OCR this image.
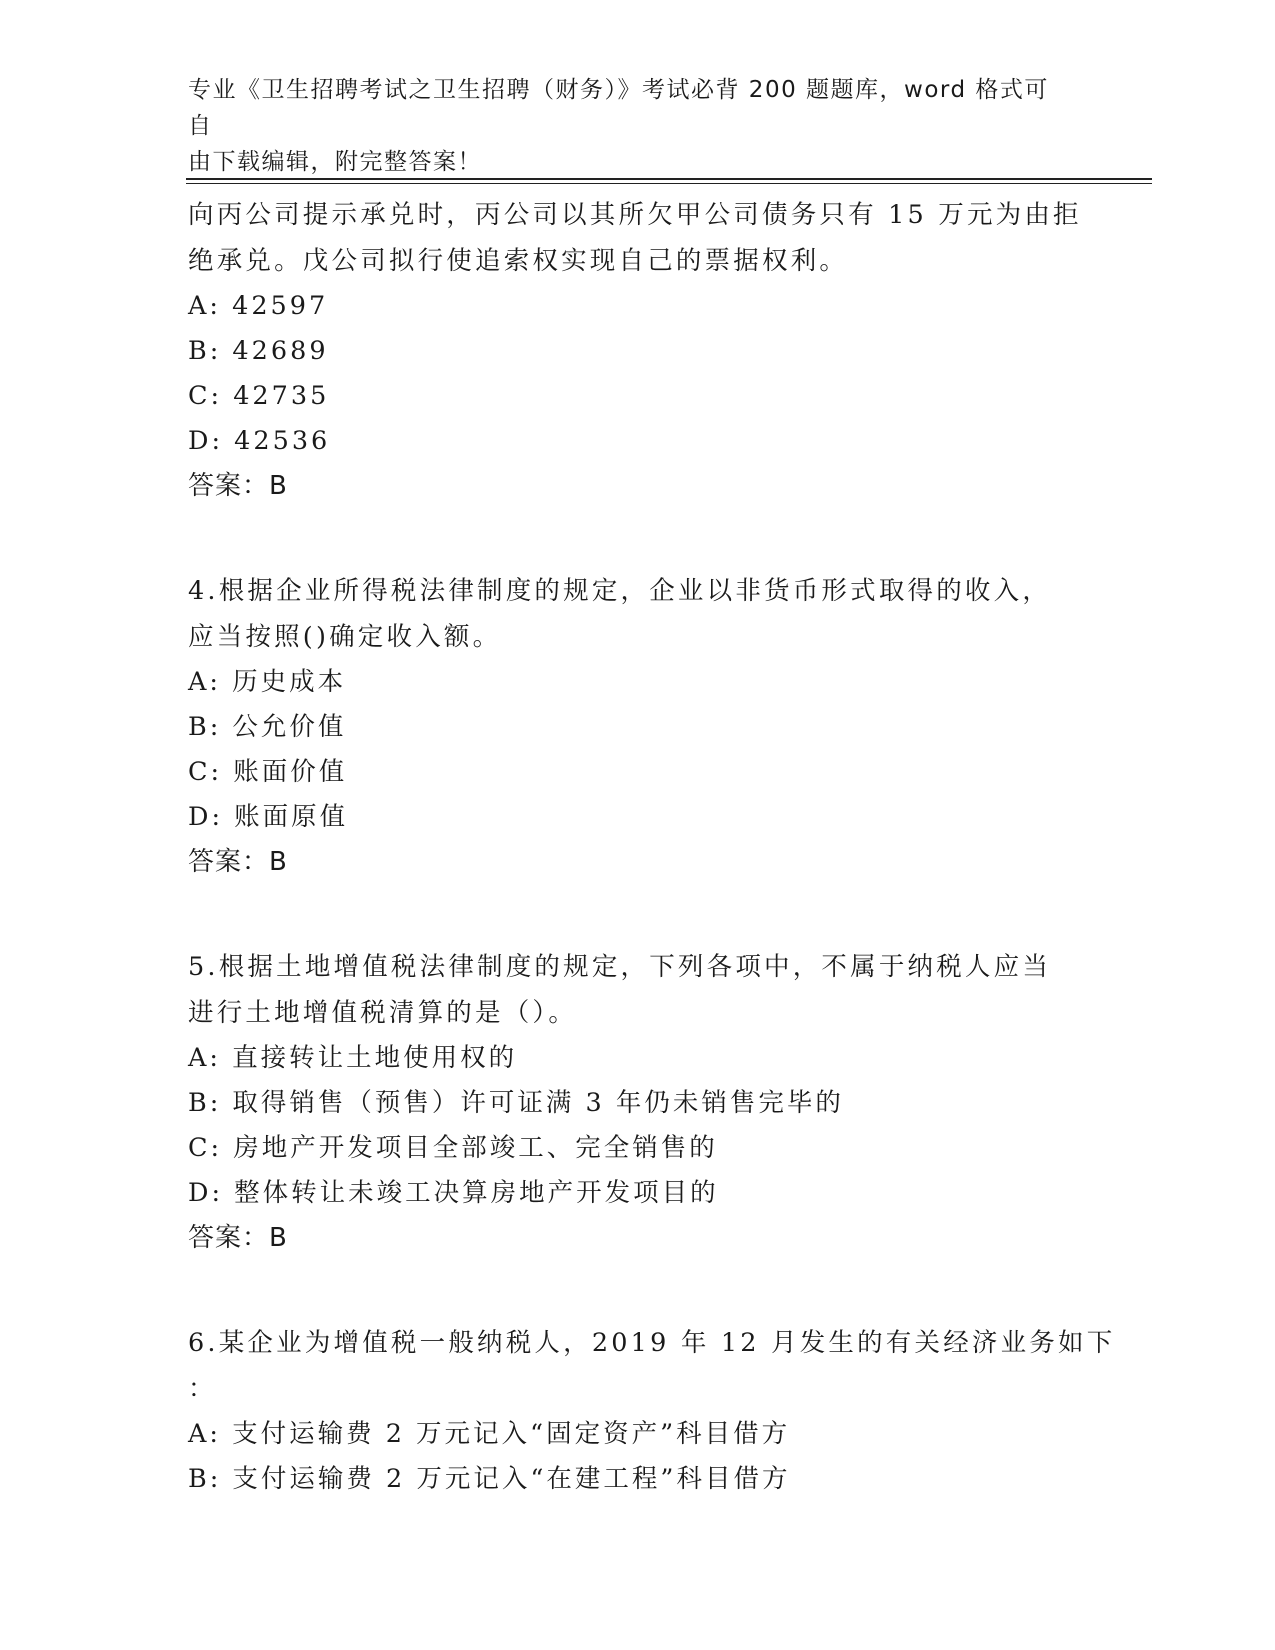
专业《卫生招聘考试之卫生招聘（财务）》考试必背 200 题题库，word 格式可自
由下载编辑，附完整答案！
向丙公司提示承兑时，丙公司以其所欠甲公司债务只有 15 万元为由拒
绝承兑。戊公司拟行使追索权实现自己的票据权利。
A: 42597
B: 42689
C: 42735
D: 42536
答案：B
4.根据企业所得税法律制度的规定，企业以非货币形式取得的收入，
应当按照()确定收入额。
A: 历史成本
B: 公允价值
C: 账面价值
D: 账面原值
答案：B
5.根据土地增值税法律制度的规定，下列各项中，不属于纳税人应当
进行土地增值税清算的是（）。
A: 直接转让土地使用权的
B: 取得销售（预售）许可证满 3 年仍未销售完毕的
C: 房地产开发项目全部竣工、完全销售的
D: 整体转让未竣工决算房地产开发项目的
答案：B
6.某企业为增值税一般纳税人，2019 年 12 月发生的有关经济业务如下
：
A: 支付运输费 2 万元记入“固定资产”科目借方
B: 支付运输费 2 万元记入“在建工程”科目借方
